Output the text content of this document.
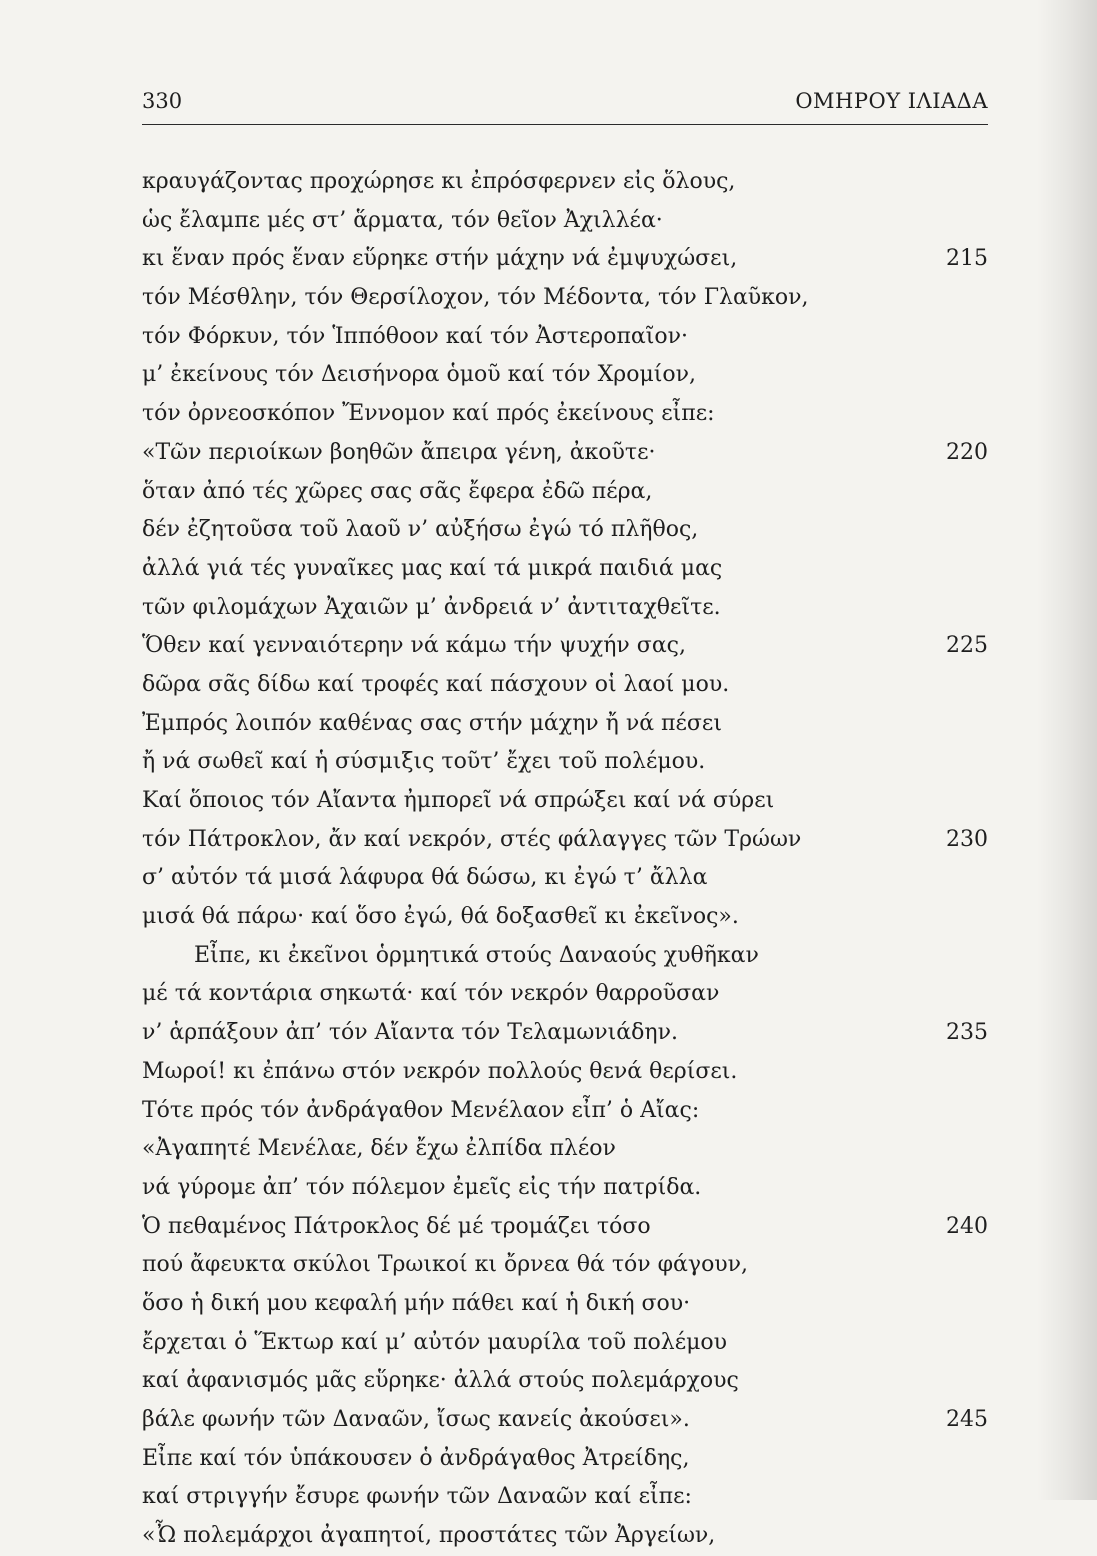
330	ΟΜΗΡΟΥ ΙΛΙΑΔΑ
κραυγάζοντας προχώρησε κι ἐπρόσφερνεν εἰς ὅλους,
ὡς ἔλαμπε μές στ’ ἅρματα, τόν θεῖον Ἀχιλλέα·
κι ἕναν πρός ἕναν εὕρηκε στήν μάχην νά ἐμψυχώσει,	215
τόν Μέσθλην, τόν Θερσίλοχον, τόν Μέδοντα, τόν Γλαῦκον,
τόν Φόρκυν, τόν Ἱππόθοον καί τόν Ἀστεροπαῖον·
μ’ ἐκείνους τόν Δεισήνορα ὁμοῦ καί τόν Χρομίον,
τόν ὀρνεοσκόπον Ἔννομον καί πρός ἐκείνους εἶπε:
«Τῶν περιοίκων βοηθῶν ἄπειρα γένη, ἀκοῦτε·	220
ὅταν ἀπό τές χῶρες σας σᾶς ἔφερα ἐδῶ πέρα,
δέν ἐζητοῦσα τοῦ λαοῦ ν’ αὐξήσω ἐγώ τό πλῆθος,
ἀλλά γιά τές γυναῖκες μας καί τά μικρά παιδιά μας
τῶν φιλομάχων Ἀχαιῶν μ’ ἀνδρειά ν’ ἀντιταχθεῖτε.
Ὅθεν καί γενναιότερην νά κάμω τήν ψυχήν σας,	225
δῶρα σᾶς δίδω καί τροφές καί πάσχουν οἱ λαοί μου.
Ἐμπρός λοιπόν καθένας σας στήν μάχην ἤ νά πέσει
ἤ νά σωθεῖ καί ἡ σύσμιξις τοῦτ’ ἔχει τοῦ πολέμου.
Καί ὅποιος τόν Αἴαντα ἠμπορεῖ νά σπρώξει καί νά σύρει
τόν Πάτροκλον, ἄν καί νεκρόν, στές φάλαγγες τῶν Τρώων	230
σ’ αὐτόν τά μισά λάφυρα θά δώσω, κι ἐγώ τ’ ἄλλα
μισά θά πάρω· καί ὅσο ἐγώ, θά δοξασθεῖ κι ἐκεῖνος».
Εἶπε, κι ἐκεῖνοι ὁρμητικά στούς Δαναούς χυθῆκαν
μέ τά κοντάρια σηκωτά· καί τόν νεκρόν θαρροῦσαν
ν’ ἁρπάξουν ἀπ’ τόν Αἴαντα τόν Τελαμωνιάδην.	235
Μωροί! κι ἐπάνω στόν νεκρόν πολλούς θενά θερίσει.
Τότε πρός τόν ἀνδράγαθον Μενέλαον εἶπ’ ὁ Αἴας:
«Ἀγαπητέ Μενέλαε, δέν ἔχω ἐλπίδα πλέον
νά γύρομε ἀπ’ τόν πόλεμον ἐμεῖς εἰς τήν πατρίδα.
Ὁ πεθαμένος Πάτροκλος δέ μέ τρομάζει τόσο	240
πού ἄφευκτα σκύλοι Τρωικοί κι ὄρνεα θά τόν φάγουν,
ὅσο ἡ δική μου κεφαλή μήν πάθει καί ἡ δική σου·
ἔρχεται ὁ Ἕκτωρ καί μ’ αὐτόν μαυρίλα τοῦ πολέμου
καί ἀφανισμός μᾶς εὕρηκε· ἀλλά στούς πολεμάρχους
βάλε φωνήν τῶν Δαναῶν, ἴσως κανείς ἀκούσει».	245
Εἶπε καί τόν ὑπάκουσεν ὁ ἀνδράγαθος Ἀτρείδης,
καί στριγγήν ἔσυρε φωνήν τῶν Δαναῶν καί εἶπε:
«Ὦ πολεμάρχοι ἀγαπητοί, προστάτες τῶν Ἀργείων,
